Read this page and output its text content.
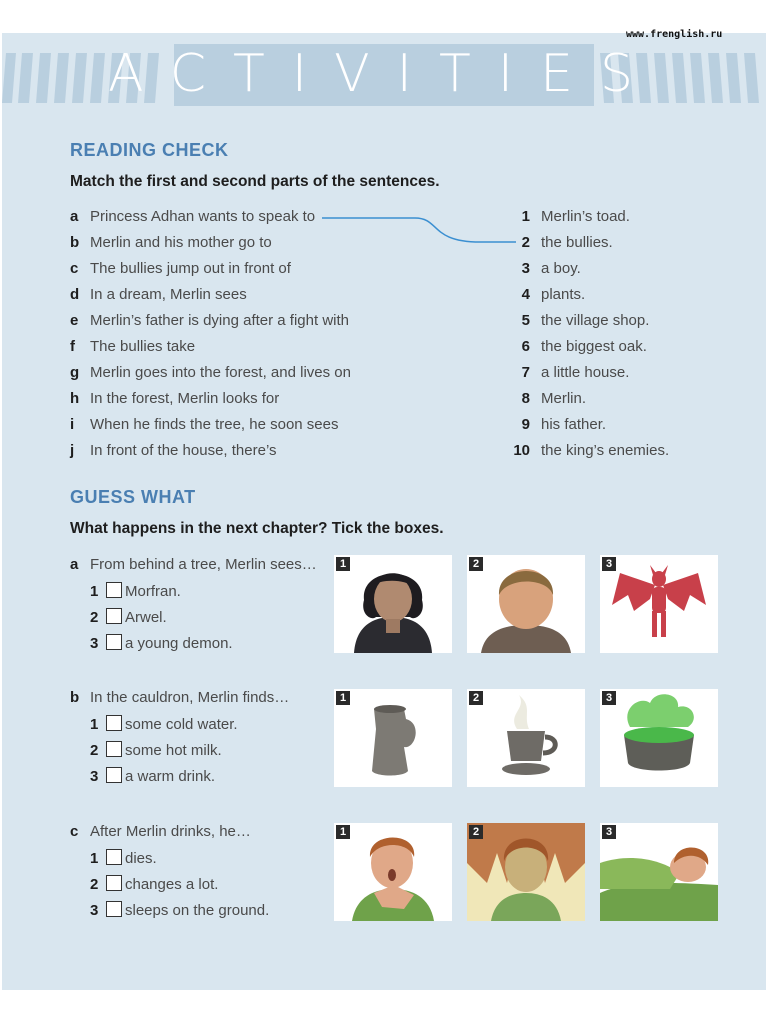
www.frenglish.ru
ACTIVITIES
READING CHECK

Match the first and second parts of the sentences.

a Princess Adhan wants to speak to
b Merlin and his mother go to
c The bullies jump out in front of
d In a dream, Merlin sees
e Merlin’s father is dying after a fight with
f The bullies take
g Merlin goes into the forest, and lives on
h In the forest, Merlin looks for
i When he finds the tree, he soon sees
j In front of the house, there’s
1 Merlin’s toad.
2 the bullies.
3 a boy.
4 plants.
5 the village shop.
6 the biggest oak.
7 a little house.
8 Merlin.
9 his father.
10 the king’s enemies.
GUESS WHAT

What happens in the next chapter? Tick the boxes.

a From behind a tree, Merlin sees…
1 Morfran.
2 Arwel.
3 a young demon.
1	2	3
b In the cauldron, Merlin finds…
1 some cold water.
2 some hot milk.
3 a warm drink.
1	2	3
c After Merlin drinks, he…
1 dies.
2 changes a lot.
3 sleeps on the ground.
1	2	3
